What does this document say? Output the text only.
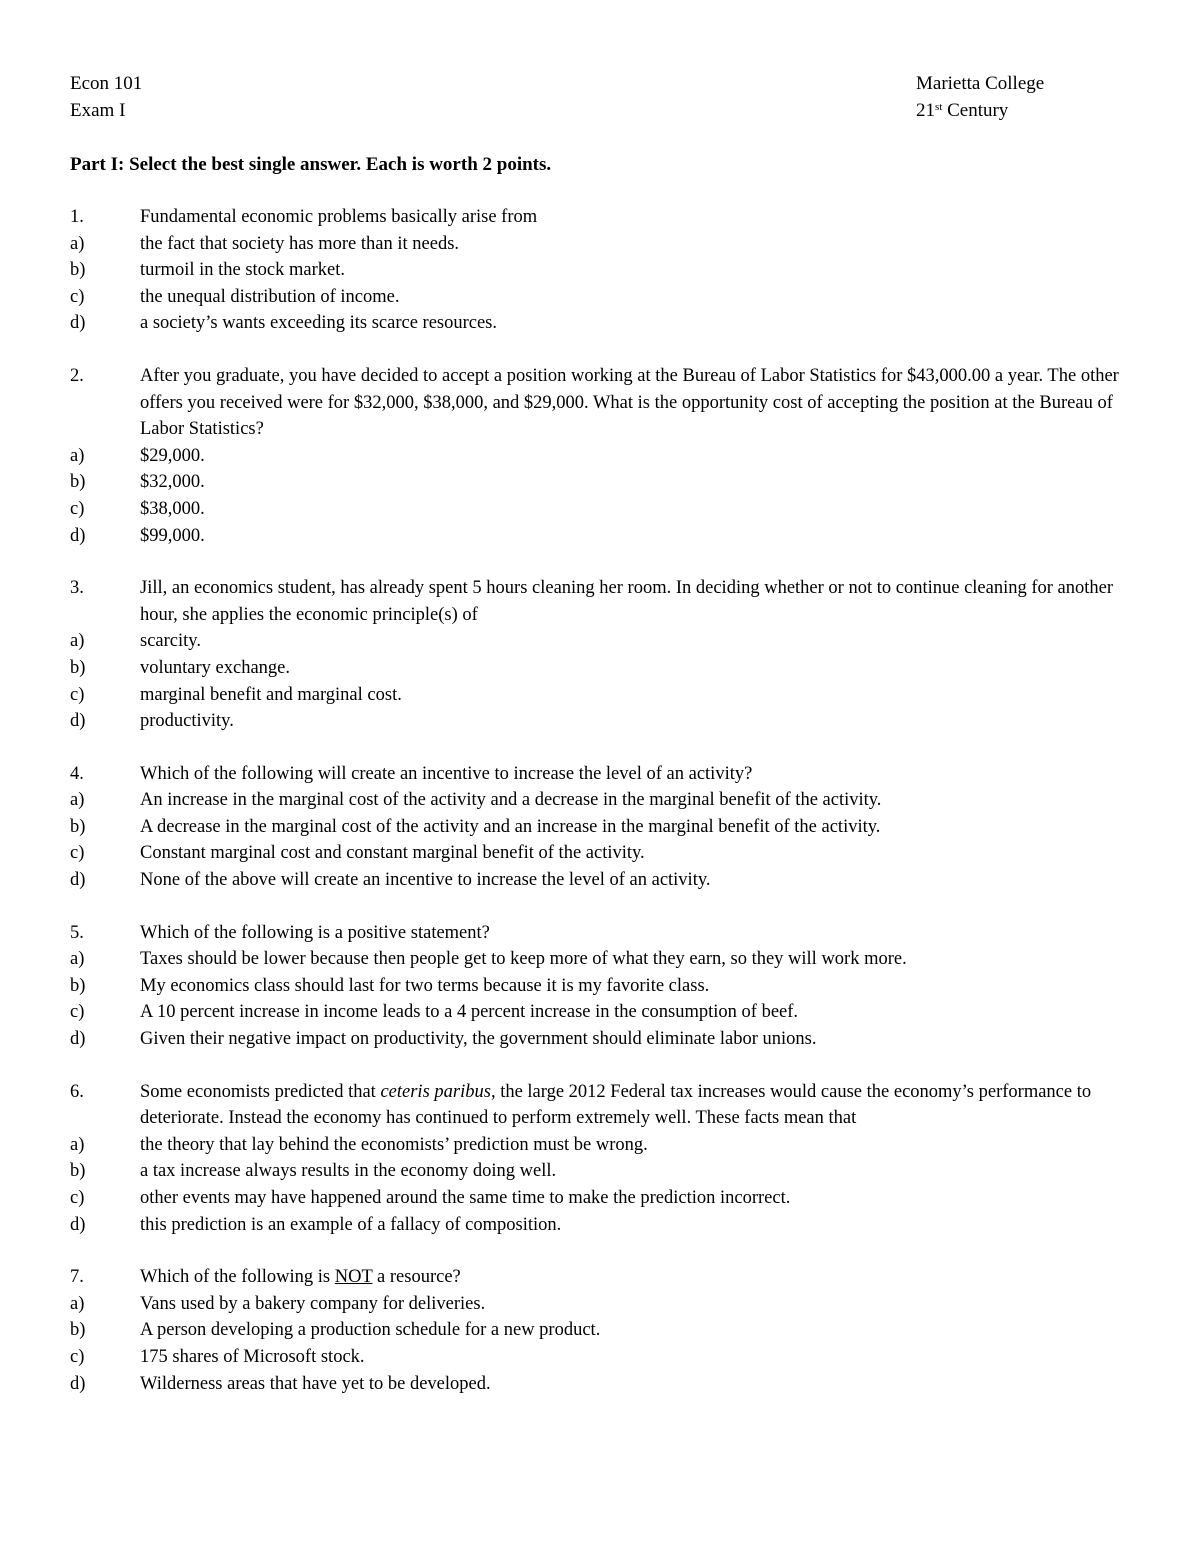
Econ 101	Marietta College
Exam I	21st Century
Part I: Select the best single answer. Each is worth 2 points.
1.	Fundamental economic problems basically arise from
a)	the fact that society has more than it needs.
b)	turmoil in the stock market.
c)	the unequal distribution of income.
d)	a society’s wants exceeding its scarce resources.
2.	After you graduate, you have decided to accept a position working at the Bureau of Labor Statistics for $43,000.00 a year. The other offers you received were for $32,000, $38,000, and $29,000. What is the opportunity cost of accepting the position at the Bureau of Labor Statistics?
a)	$29,000.
b)	$32,000.
c)	$38,000.
d)	$99,000.
3.	Jill, an economics student, has already spent 5 hours cleaning her room. In deciding whether or not to continue cleaning for another hour, she applies the economic principle(s) of
a)	scarcity.
b)	voluntary exchange.
c)	marginal benefit and marginal cost.
d)	productivity.
4.	Which of the following will create an incentive to increase the level of an activity?
a)	An increase in the marginal cost of the activity and a decrease in the marginal benefit of the activity.
b)	A decrease in the marginal cost of the activity and an increase in the marginal benefit of the activity.
c)	Constant marginal cost and constant marginal benefit of the activity.
d)	None of the above will create an incentive to increase the level of an activity.
5.	Which of the following is a positive statement?
a)	Taxes should be lower because then people get to keep more of what they earn, so they will work more.
b)	My economics class should last for two terms because it is my favorite class.
c)	A 10 percent increase in income leads to a 4 percent increase in the consumption of beef.
d)	Given their negative impact on productivity, the government should eliminate labor unions.
6.	Some economists predicted that ceteris paribus, the large 2012 Federal tax increases would cause the economy’s performance to deteriorate. Instead the economy has continued to perform extremely well. These facts mean that
a)	the theory that lay behind the economists’ prediction must be wrong.
b)	a tax increase always results in the economy doing well.
c)	other events may have happened around the same time to make the prediction incorrect.
d)	this prediction is an example of a fallacy of composition.
7.	Which of the following is NOT a resource?
a)	Vans used by a bakery company for deliveries.
b)	A person developing a production schedule for a new product.
c)	175 shares of Microsoft stock.
d)	Wilderness areas that have yet to be developed.
